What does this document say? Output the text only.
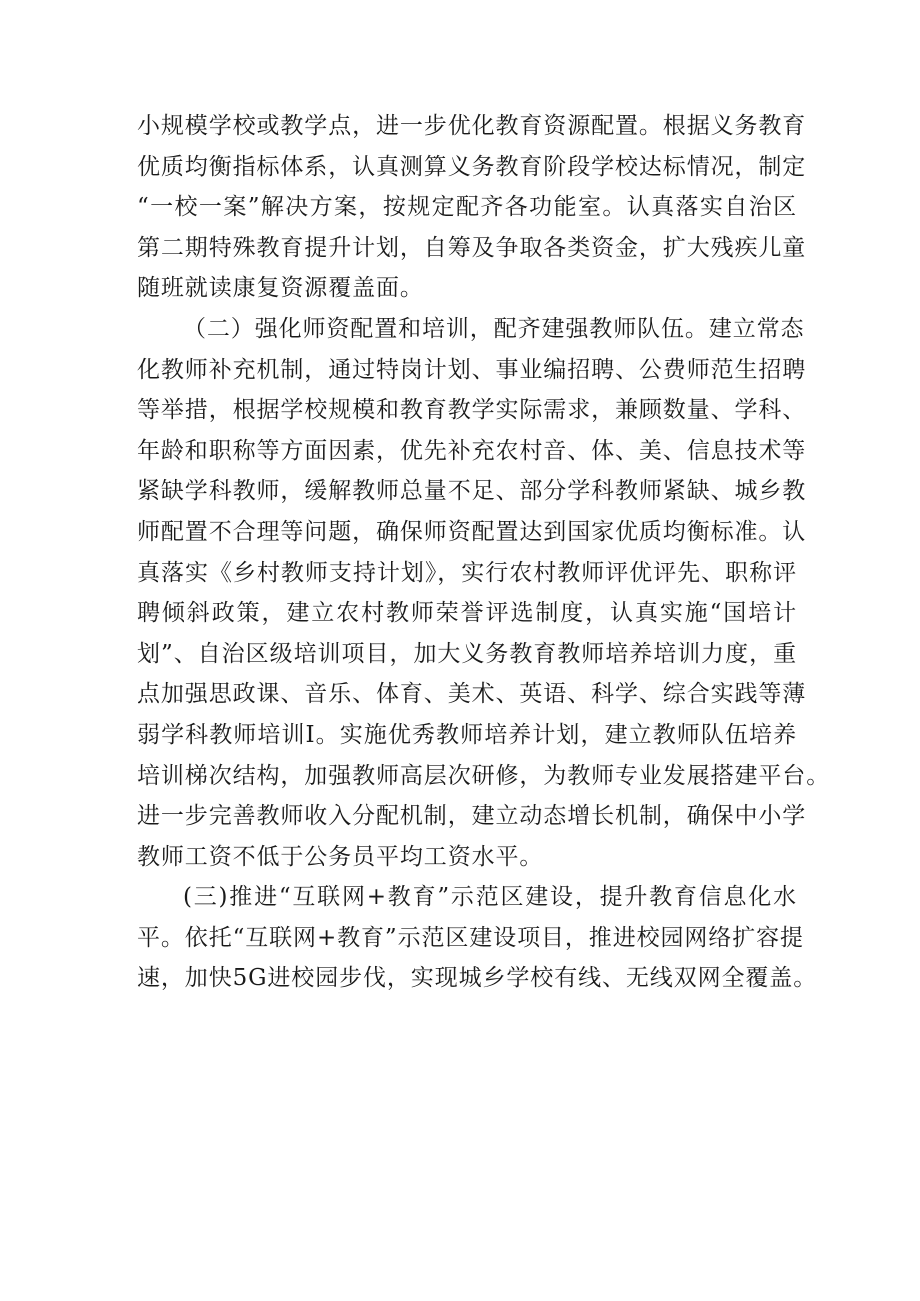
小规模学校或教学点，进一步优化教育资源配置。根据义务教育
优质均衡指标体系，认真测算义务教育阶段学校达标情况，制定
“一校一案”解决方案，按规定配齐各功能室。认真落实自治区
第二期特殊教育提升计划，自筹及争取各类资金，扩大残疾儿童
随班就读康复资源覆盖面。
（二）强化师资配置和培训，配齐建强教师队伍。建立常态
化教师补充机制，通过特岗计划、事业编招聘、公费师范生招聘
等举措，根据学校规模和教育教学实际需求，兼顾数量、学科、
年龄和职称等方面因素，优先补充农村音、体、美、信息技术等
紧缺学科教师，缓解教师总量不足、部分学科教师紧缺、城乡教
师配置不合理等问题，确保师资配置达到国家优质均衡标准。认
真落实《乡村教师支持计划》，实行农村教师评优评先、职称评
聘倾斜政策，建立农村教师荣誉评选制度，认真实施“国培计
划”、自治区级培训项目，加大义务教育教师培养培训力度，重
点加强思政课、音乐、体育、美术、英语、科学、综合实践等薄
弱学科教师培训I。实施优秀教师培养计划，建立教师队伍培养
培训梯次结构，加强教师高层次研修，为教师专业发展搭建平台。
进一步完善教师收入分配机制，建立动态增长机制，确保中小学
教师工资不低于公务员平均工资水平。
(三)推进“互联网+教育”示范区建设，提升教育信息化水
平。依托“互联网+教育”示范区建设项目，推进校园网络扩容提
速，加快5G进校园步伐，实现城乡学校有线、无线双网全覆盖。
